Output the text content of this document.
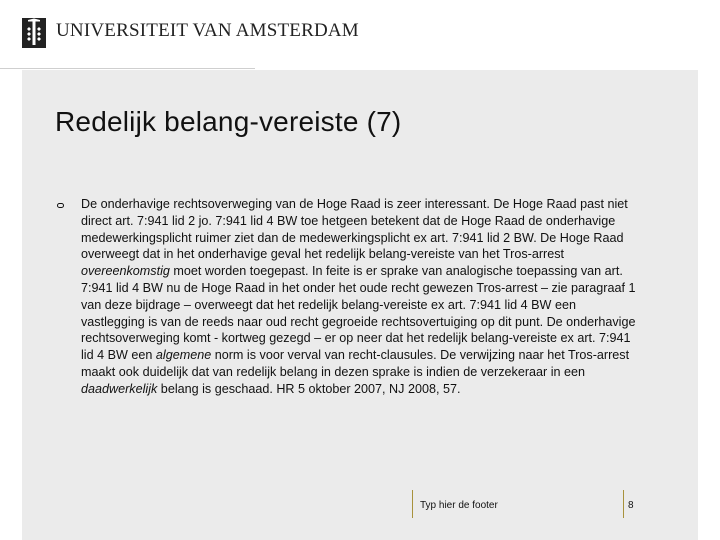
UNIVERSITEIT VAN AMSTERDAM
Redelijk belang-vereiste (7)

De onderhavige rechtsoverweging van de Hoge Raad is zeer interessant. De Hoge Raad past niet direct art. 7:941 lid 2 jo. 7:941 lid 4 BW toe hetgeen betekent dat de Hoge Raad de onderhavige medewerkingsplicht ruimer ziet dan de medewerkingsplicht ex art. 7:941 lid 2 BW. De Hoge Raad overweegt dat in het onderhavige geval het redelijk belang-vereiste van het Tros-arrest overeenkomstig moet worden toegepast. In feite is er sprake van analogische toepassing van art. 7:941 lid 4 BW nu de Hoge Raad in het onder het oude recht gewezen Tros-arrest – zie paragraaf 1 van deze bijdrage – overweegt dat het redelijk belang-vereiste ex art. 7:941 lid 4 BW een vastlegging is van de reeds naar oud recht gegroeide rechtsovertuiging op dit punt. De onderhavige rechtsoverweging komt - kortweg gezegd – er op neer dat het redelijk belang-vereiste ex art. 7:941 lid 4 BW een algemene norm is voor verval van recht-clausules. De verwijzing naar het Tros-arrest maakt ook duidelijk dat van redelijk belang in dezen sprake is indien de verzekeraar in een daadwerkelijk belang is geschaad. HR 5 oktober 2007, NJ 2008, 57.

Typ hier de footer	8
